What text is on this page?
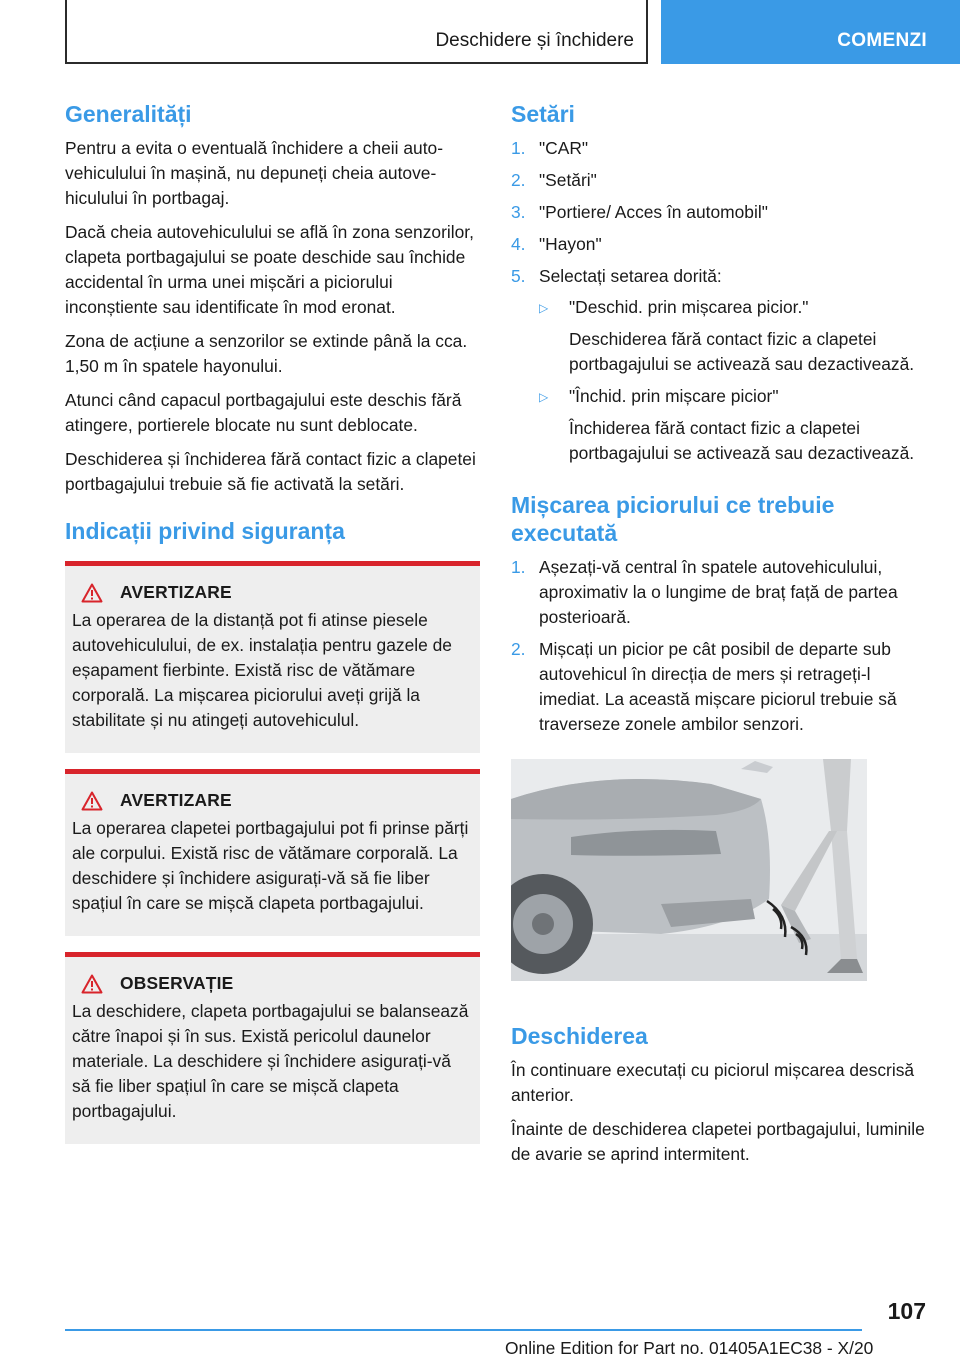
Deschidere și închidere	COMENZI
Generalități

Pentru a evita o eventuală închidere a cheii autovehiculului în mașină, nu depuneți cheia autovehiculului în portbagaj.

Dacă cheia autovehiculului se află în zona senzorilor, clapeta portbagajului se poate deschide sau închide accidental în urma unei mișcări a piciorului inconștiente sau identificate în mod eronat.

Zona de acțiune a senzorilor se extinde până la cca. 1,50 m în spatele hayonului.

Atunci când capacul portbagajului este deschis fără atingere, portierele blocate nu sunt deblocate.

Deschiderea și închiderea fără contact fizic a clapetei portbagajului trebuie să fie activată la setări.

Indicații privind siguranța
AVERTIZARE

La operarea de la distanță pot fi atinse piesele autovehiculului, de ex. instalația pentru gazele de eșapament fierbinte. Există risc de vătămare corporală. La mișcarea piciorului aveți grijă la stabilitate și nu atingeți autovehiculul.

AVERTIZARE

La operarea clapetei portbagajului pot fi prinse părți ale corpului. Există risc de vătămare corporală. La deschidere și închidere asigurați-vă să fie liber spațiul în care se mișcă clapeta portbagajului.

OBSERVAȚIE

La deschidere, clapeta portbagajului se balansează către înapoi și în sus. Există pericolul daunelor materiale. La deschidere și închidere asigurați-vă să fie liber spațiul în care se mișcă clapeta portbagajului.

Setări
1. "CAR"
2. "Setări"
3. "Portiere/ Acces în automobil"
4. "Hayon"
5. Selectați setarea dorită:
▷	"Deschid. prin mișcarea picior."
Deschiderea fără contact fizic a clapetei portbagajului se activează sau dezactivează.
▷	"Închid. prin mișcare picior"
Închiderea fără contact fizic a clapetei portbagajului se activează sau dezactivează.
Mișcarea piciorului ce trebuie executată
1. Așezați-vă central în spatele autovehiculului, aproximativ la o lungime de braț față de partea posterioară.
2. Mișcați un picior pe cât posibil de departe sub autovehicul în direcția de mers și retrageți-l imediat. La această mișcare piciorul trebuie să traverseze zonele ambilor senzori.
Deschiderea

În continuare executați cu piciorul mișcarea descrisă anterior.

Înainte de deschiderea clapetei portbagajului, luminile de avarie se aprind intermitent.

107
Online Edition for Part no. 01405A1EC38 - X/20
